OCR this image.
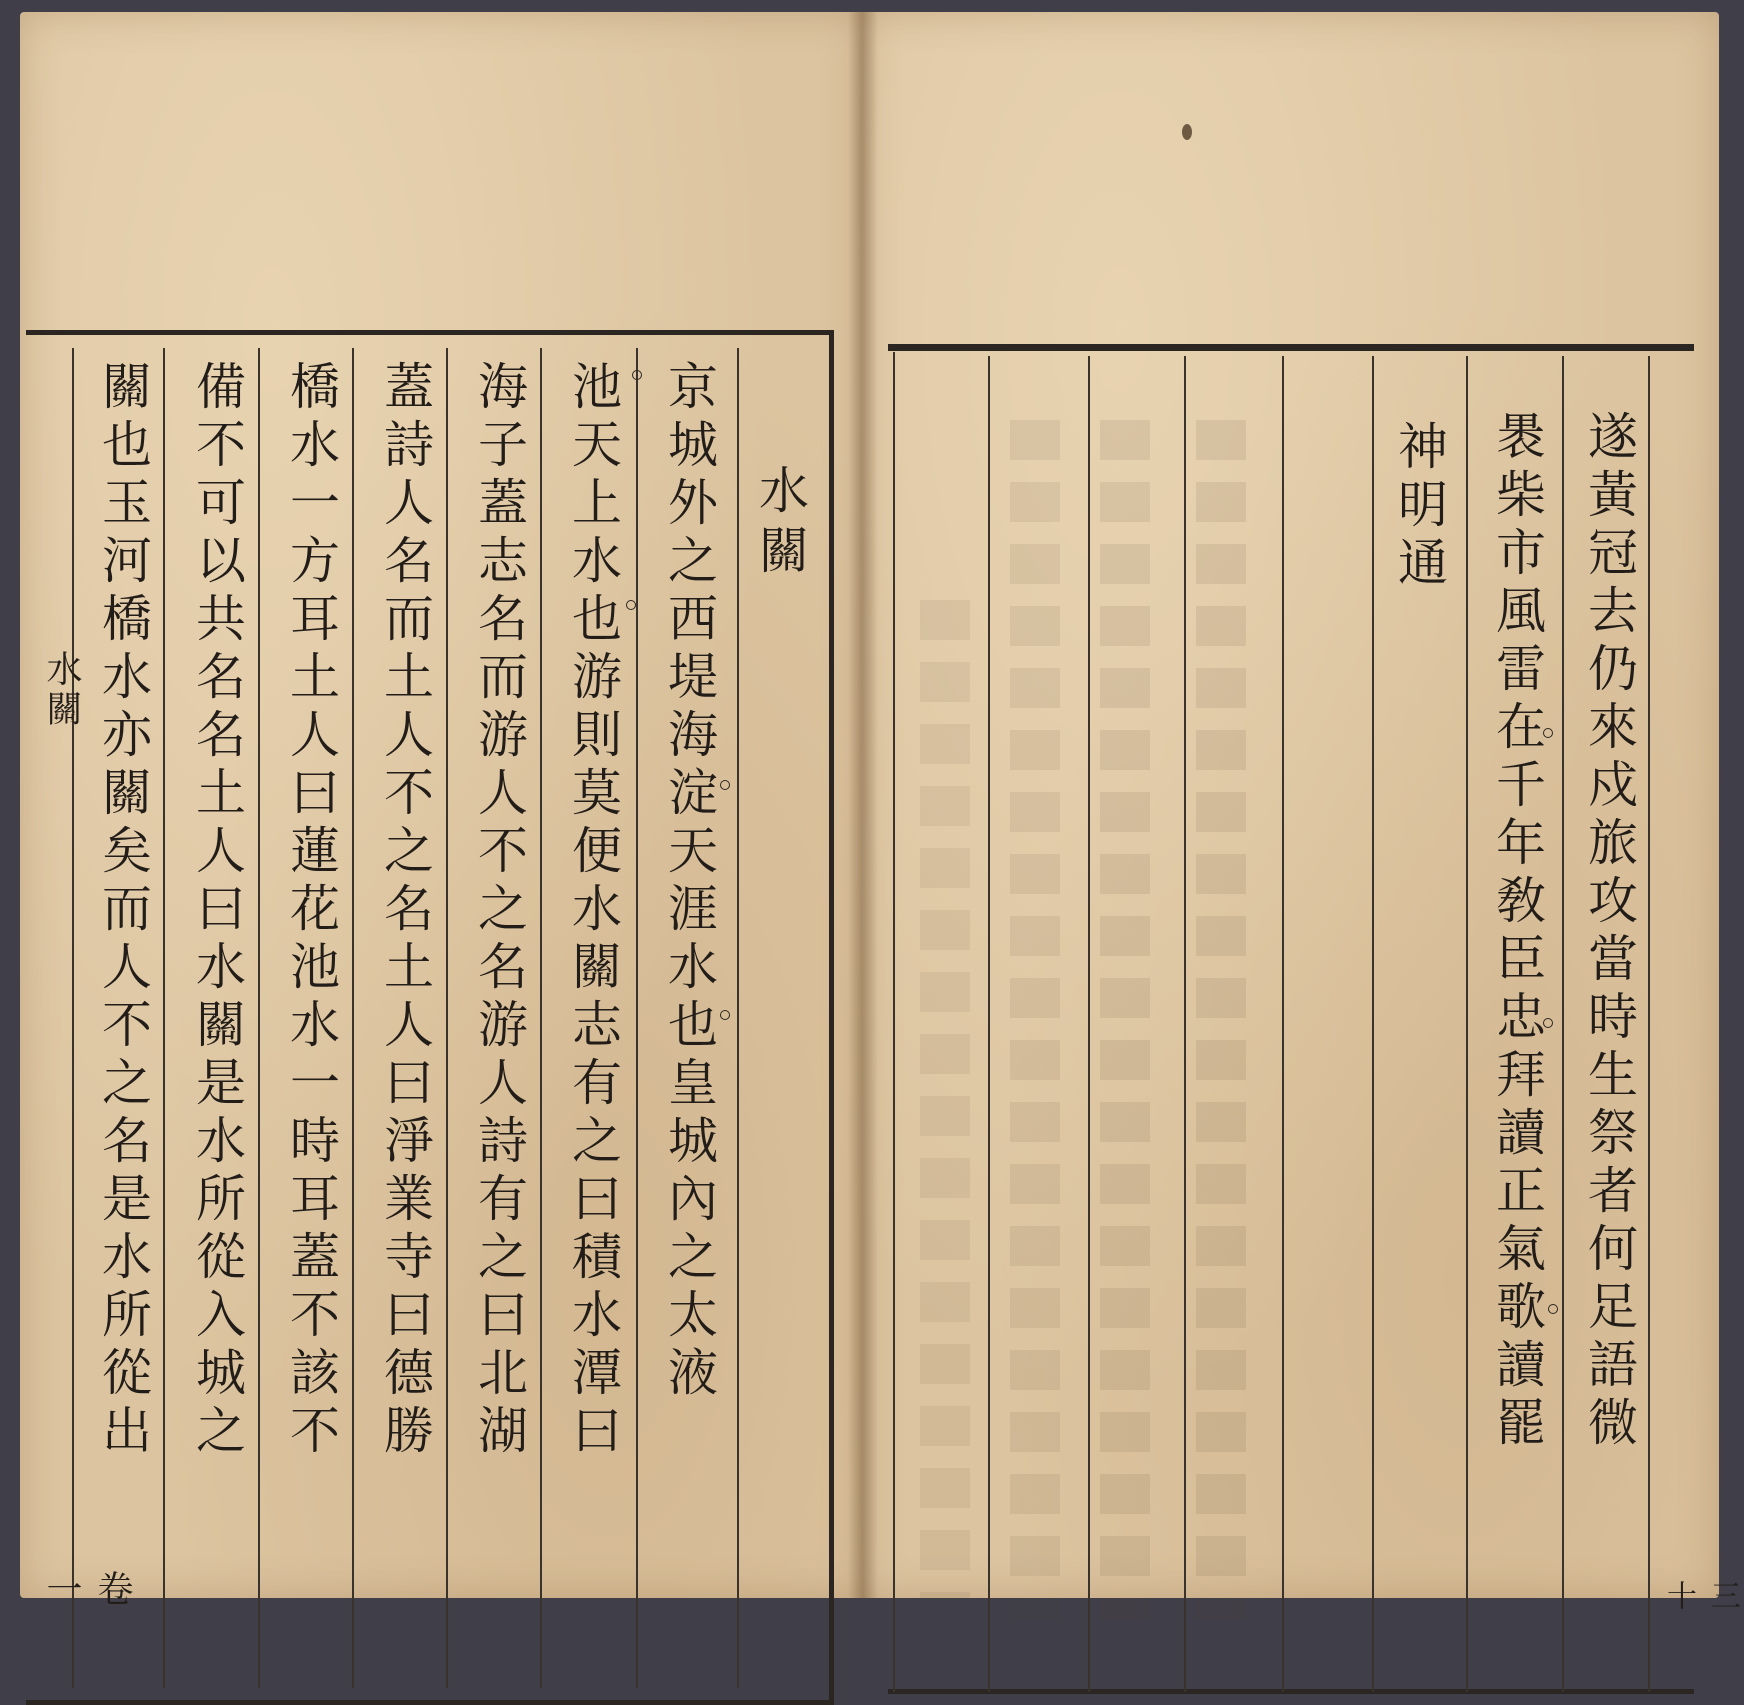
水關
京城外之西堤海淀天涯水也皇城內之太液
池天上水也游則莫便水關志有之曰積水潭曰
海子蓋志名而游人不之名游人詩有之曰北湖
蓋詩人名而土人不之名土人曰淨業寺曰德勝
橋水一方耳土人曰蓮花池水一時耳蓋不該不
備不可以共名名土人曰水關是水所從入城之
關也玉河橋水亦關矣而人不之名是水所從出
水關
卷一
遂黃冠去仍來戍旅攻當時生祭者何足語微
褁柴市風雷在千年敎臣忠拜讀正氣歌讀罷
神明通
三十
